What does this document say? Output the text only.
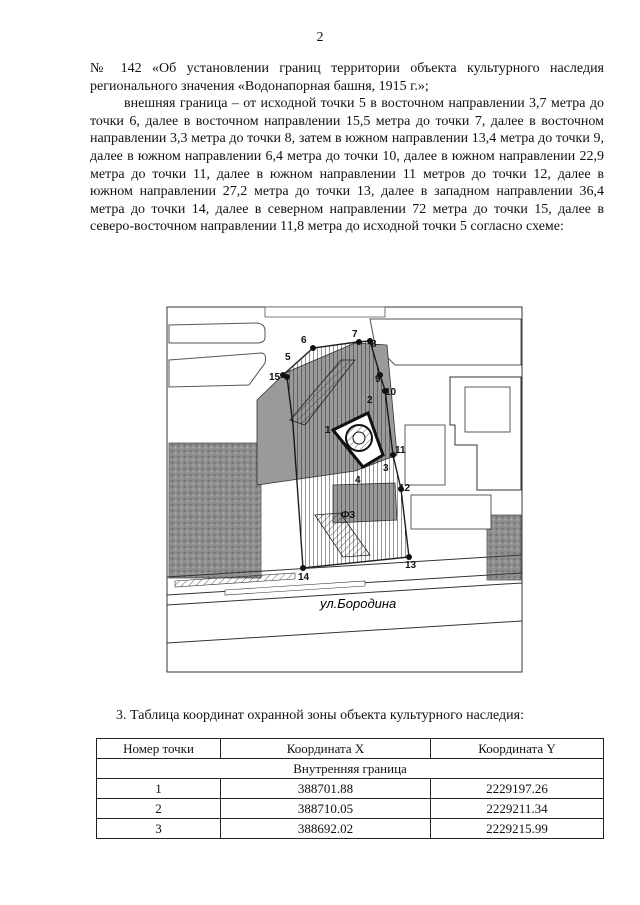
2

№ 142 «Об установлении границ территории объекта культурного наследия регионального значения «Водонапорная башня, 1915 г.»;

внешняя граница – от исходной точки 5 в восточном направлении 3,7 метра до точки 6, далее в восточном направлении 15,5 метра до точки 7, далее в восточном направлении 3,3 метра до точки 8, затем в южном направлении 13,4 метра до точки 9, далее в южном направлении 6,4 метра до точки 10, далее в южном направлении 22,9 метра до точки 11, далее в южном направлении 11 метров до точки 12, далее в южном направлении 27,2 метра до точки 13, далее в западном направлении 36,4 метра до точки 14, далее в северном направлении 72 метра до точки 15, далее в северо-восточном направлении 11,8 метра до исходной точки 5 согласно схеме:

5
6
7
8
9
10
11
12
13
14
15
1
2
3
4
Ф3
ул.Бородина
3. Таблица координат охранной зоны объекта культурного наследия:
Номер точки	Координата X	Координата Y
Внутренняя граница		
1	388701.88	2229197.26
2	388710.05	2229211.34
3	388692.02	2229215.99
